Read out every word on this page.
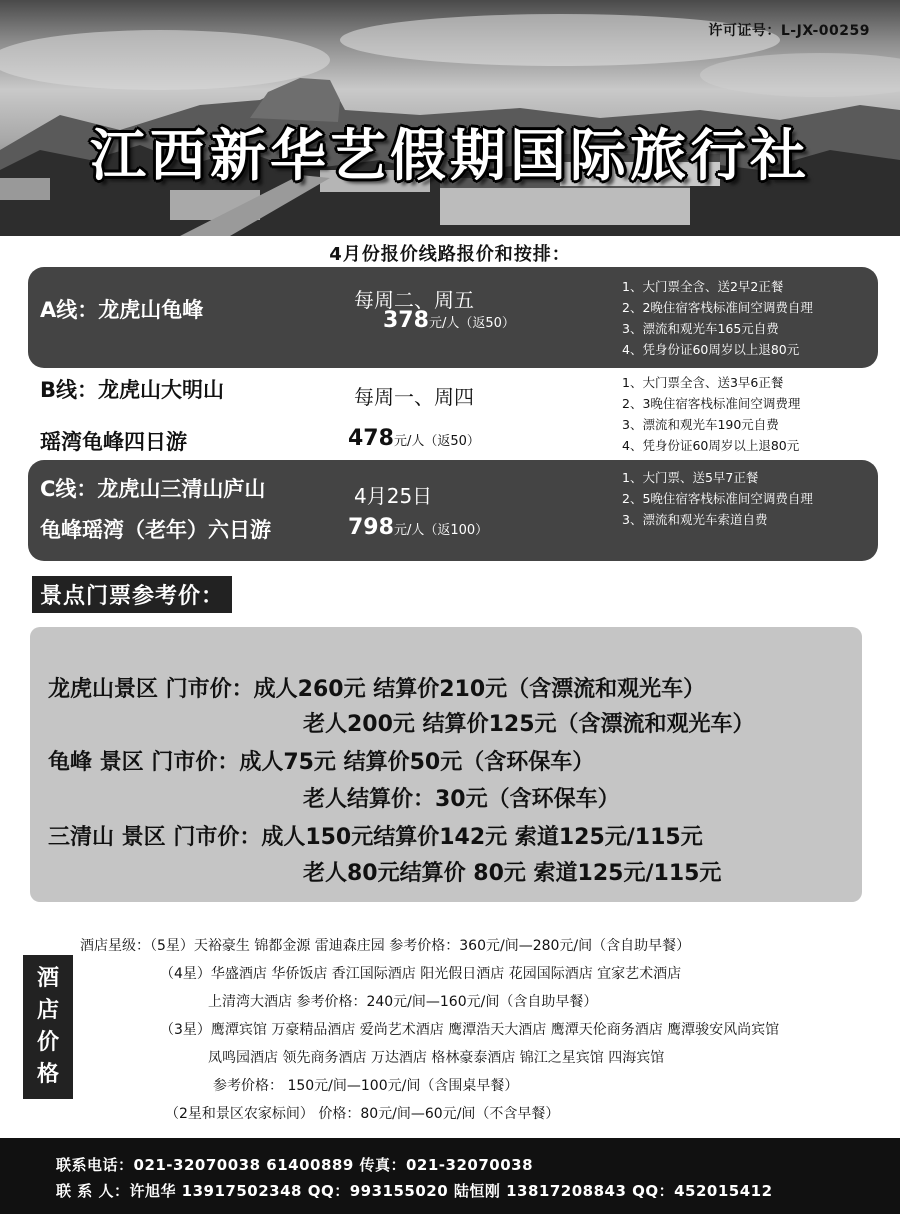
许可证号：L-JX-00259
江西新华艺假期国际旅行社
4月份报价线路报价和按排：
A线：龙虎山龟峰	每周二、周五
378元/人（返50）
1、大门票全含、送2早2正餐
2、2晚住宿客栈标准间空调费自理
3、漂流和观光车165元自费
4、凭身份证60周岁以上退80元
B线：龙虎山大明山
瑶湾龟峰四日游
每周一、周四
478元/人（返50）
1、大门票全含、送3早6正餐
2、3晚住宿客栈标准间空调费理
3、漂流和观光车190元自费
4、凭身份证60周岁以上退80元
C线：龙虎山三清山庐山
龟峰瑶湾（老年）六日游
4月25日
798元/人（返100）
1、大门票、送5早7正餐
2、5晚住宿客栈标准间空调费自理
3、漂流和观光车索道自费
景点门票参考价：
龙虎山景区 门市价：成人260元 结算价210元（含漂流和观光车）
老人200元 结算价125元（含漂流和观光车）
龟峰 景区 门市价：成人75元 结算价50元（含环保车）
老人结算价：30元（含环保车）
三清山 景区 门市价：成人150元结算价142元 索道125元/115元
老人80元结算价 80元 索道125元/115元
酒
店
价
格
酒店星级：（5星）天裕豪生 锦都金源 雷迪森庄园 参考价格：360元/间—280元/间（含自助早餐）
（4星）华盛酒店 华侨饭店 香江国际酒店 阳光假日酒店 花园国际酒店 宜家艺术酒店
上清湾大酒店 参考价格：240元/间—160元/间（含自助早餐）
（3星）鹰潭宾馆 万豪精品酒店 爱尚艺术酒店 鹰潭浩天大酒店 鹰潭天伦商务酒店 鹰潭骏安风尚宾馆
凤鸣园酒店 领先商务酒店 万达酒店 格林豪泰酒店 锦江之星宾馆 四海宾馆
参考价格： 150元/间—100元/间（含围桌早餐）
（2星和景区农家标间） 价格：80元/间—60元/间（不含早餐）
联系电话：021-32070038 61400889 传真：021-32070038
联 系 人：许旭华 13917502348 QQ：993155020 陆恒刚 13817208843 QQ：452015412
